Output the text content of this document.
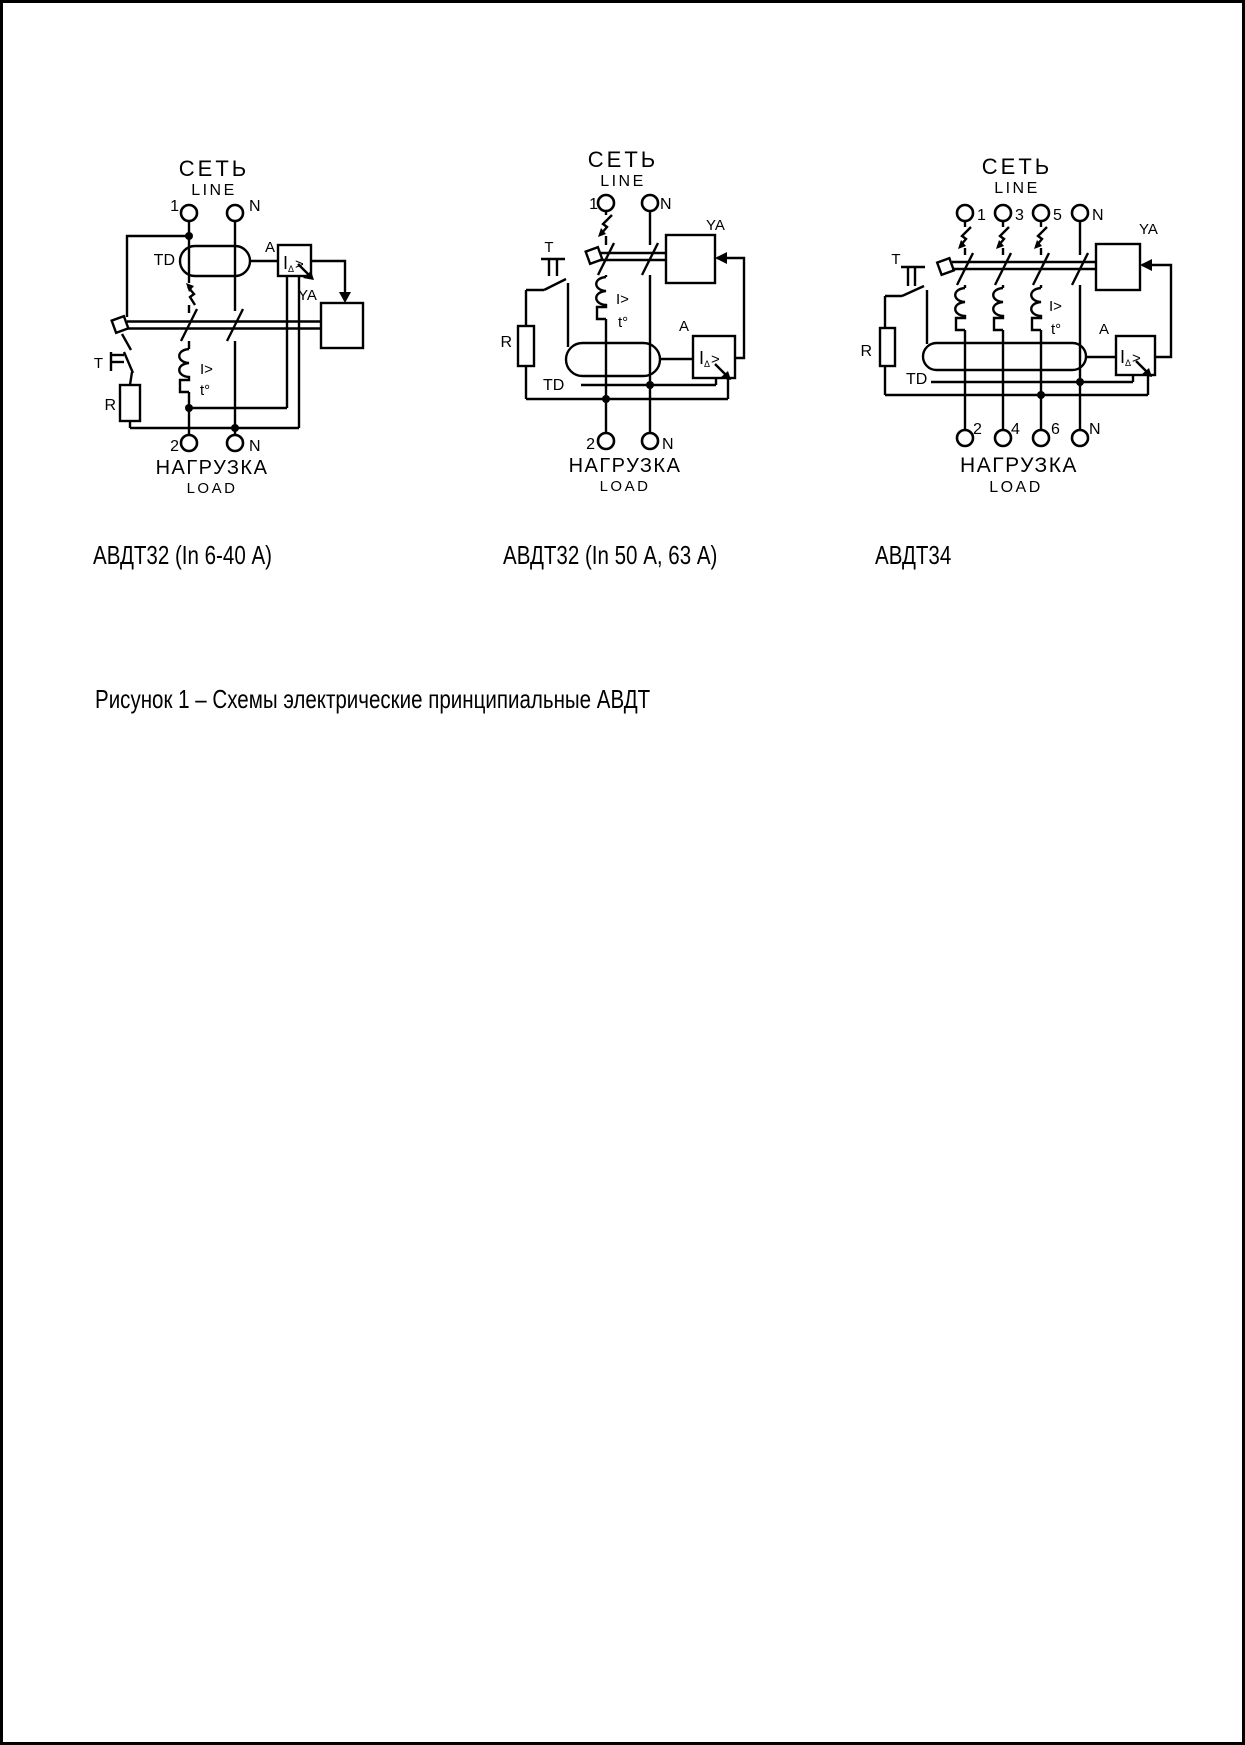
IΔ>
СЕТЬ
LINE
1	N
TD
A
YA
T
R
I>
t°
2	N
НАГРУЗКА
LOAD
IΔ>
СЕТЬ
LINE
1	N
T
R
TD
I>
t°	A
YA
2	N
НАГРУЗКА
LOAD
IΔ>
СЕТЬ
LINE
1 3 5 N
T
R
TD
I>
t°	A
YA
2 4 6 N
НАГРУЗКА
LOAD
АВДТ32 (In 6-40 А)	АВДТ32 (In 50 А, 63 А)	АВДТ34
Рисунок 1 – Схемы электрические принципиальные АВДТ
